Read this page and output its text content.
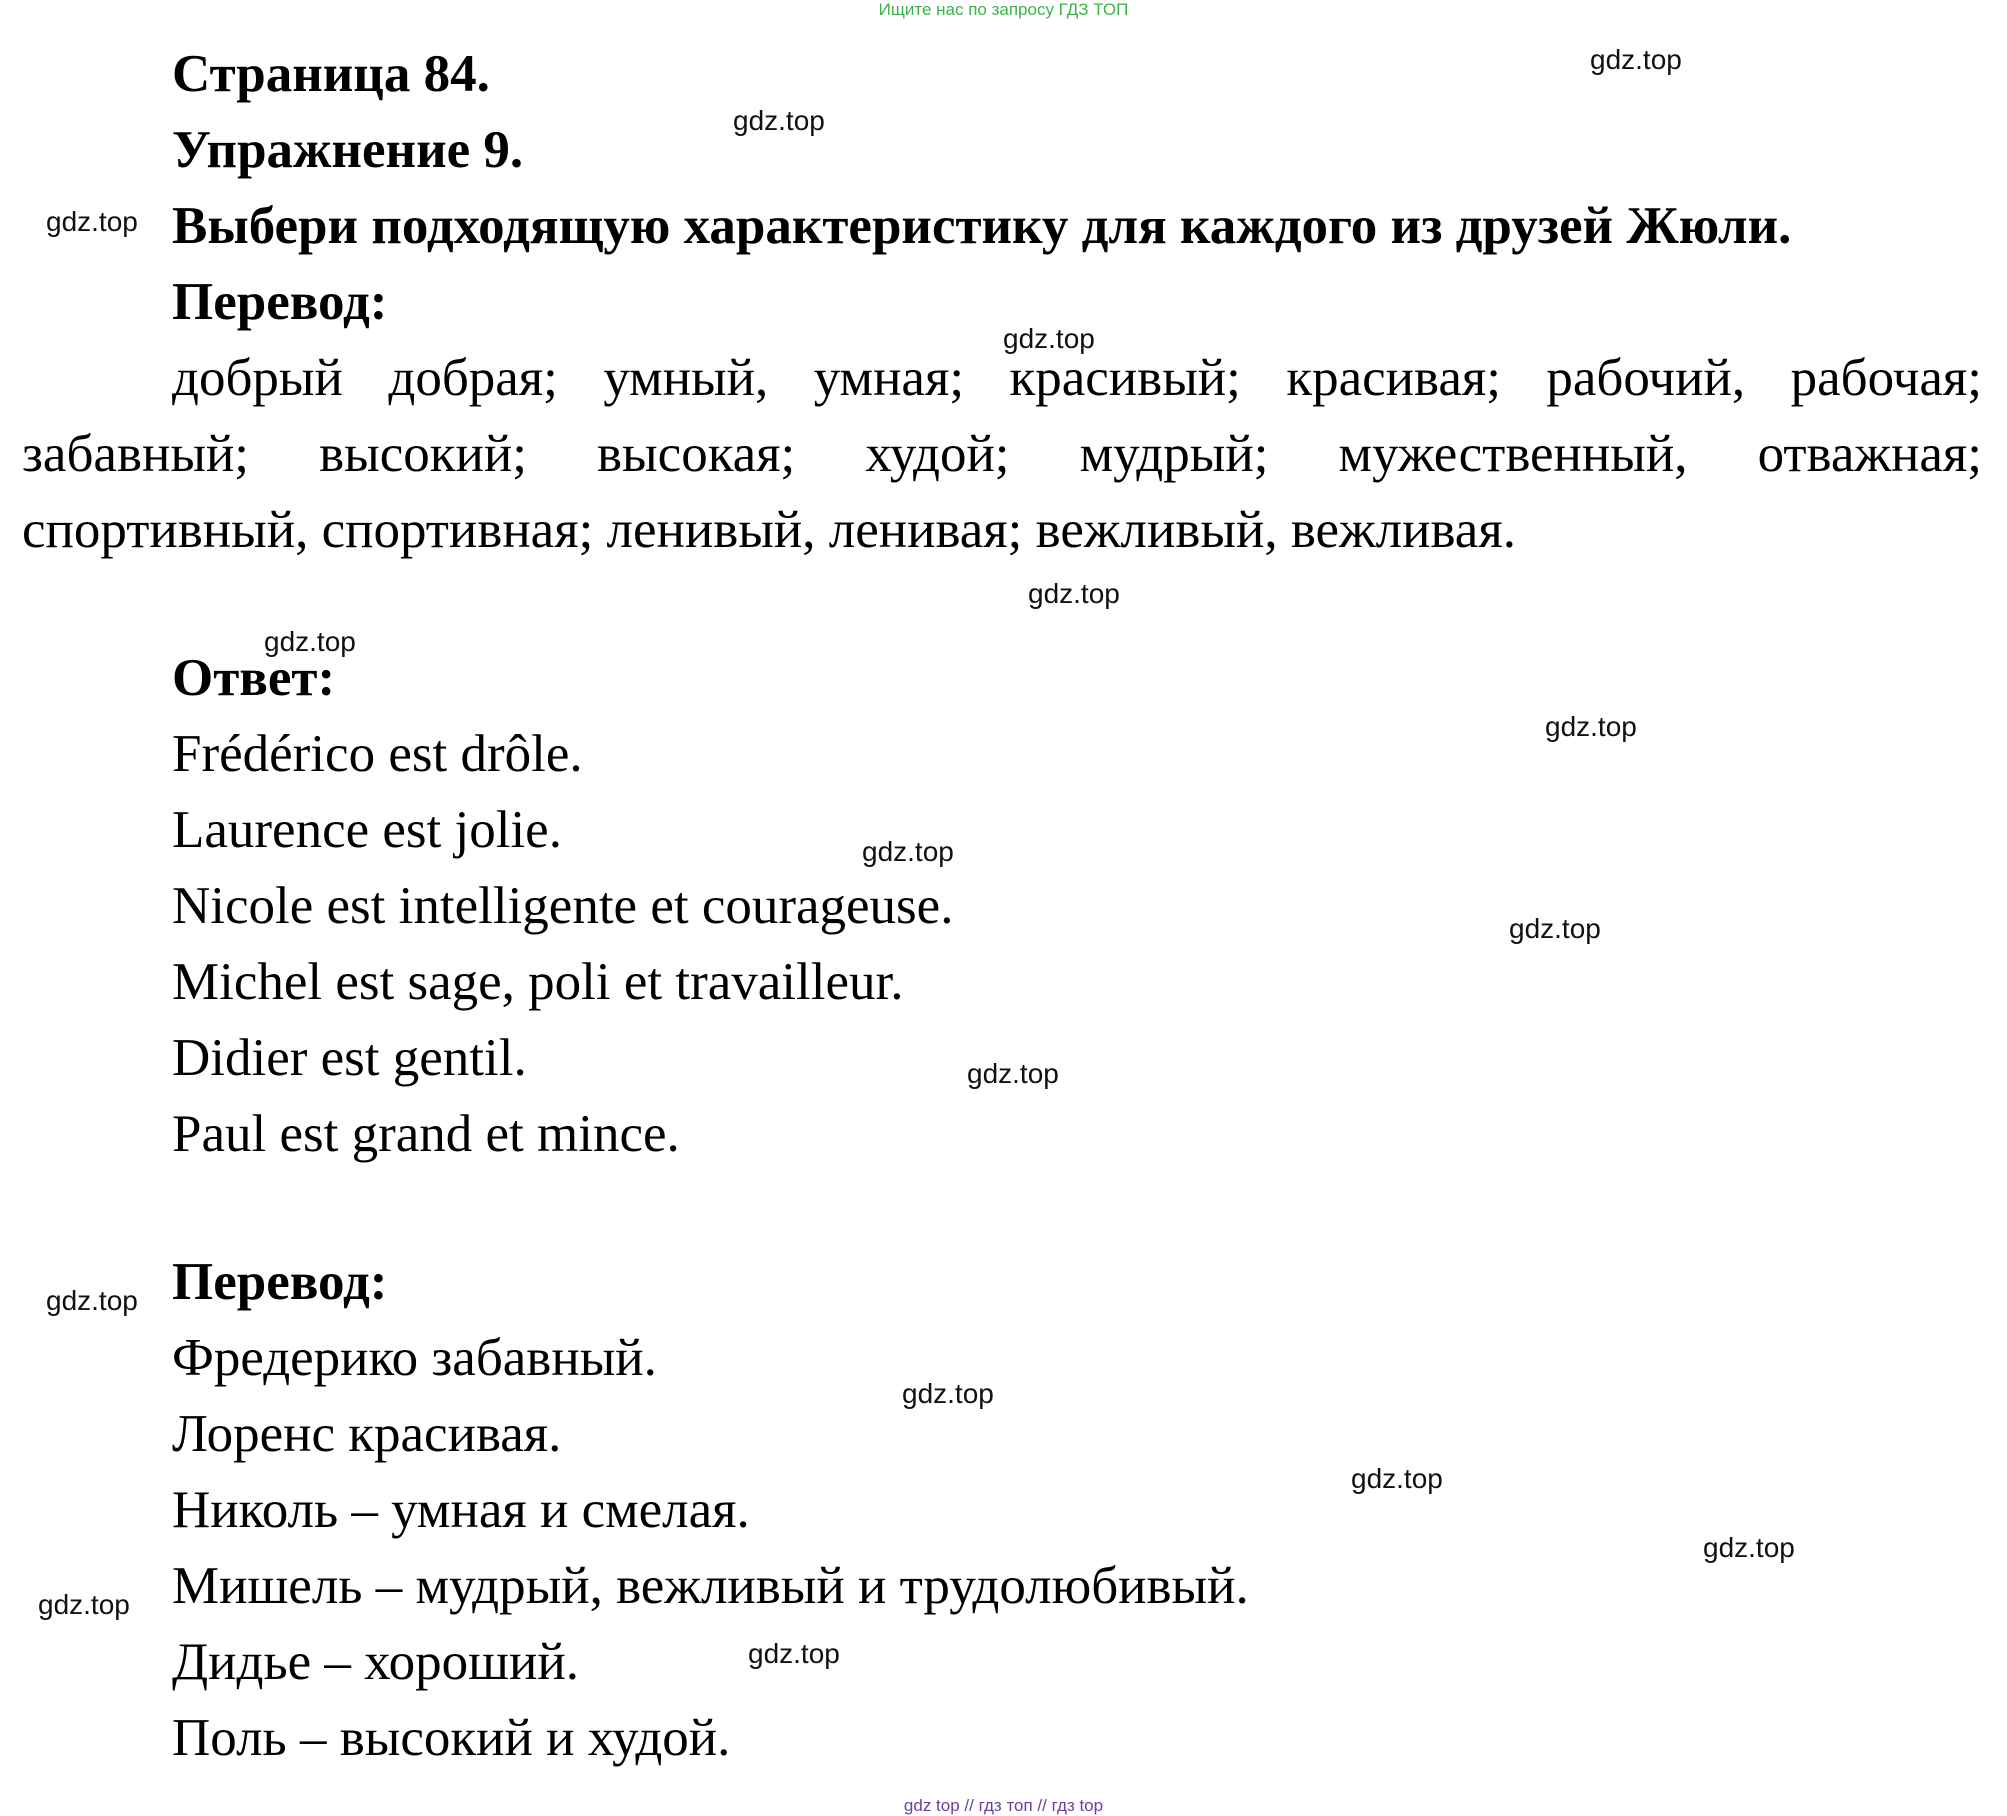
Ищите нас по запросу ГДЗ ТОП
Страница 84.
Упражнение 9.
Выбери подходящую характеристику для каждого из друзей Жюли.
Перевод:
добрый добрая; умный, умная; красивый; красивая; рабочий, рабочая;
забавный; высокий; высокая; худой; мудрый; мужественный, отважная;
спортивный, спортивная; ленивый, ленивая; вежливый, вежливая.
Ответ:
Frédérico est drôle.
Laurence est jolie.
Nicole est intelligente et courageuse.
Michel est sage, poli et travailleur.
Didier est gentil.
Paul est grand et mince.
Перевод:
Фредерико забавный.
Лоренс красивая.
Николь – умная и смелая.
Мишель – мудрый, вежливый и трудолюбивый.
Дидье – хороший.
Поль – высокий и худой.
gdz.top
gdz.top
gdz.top
gdz.top
gdz.top
gdz.top
gdz.top
gdz.top
gdz.top
gdz.top
gdz.top
gdz.top
gdz.top
gdz.top
gdz.top
gdz.top
gdz top // гдз топ // гдз top
